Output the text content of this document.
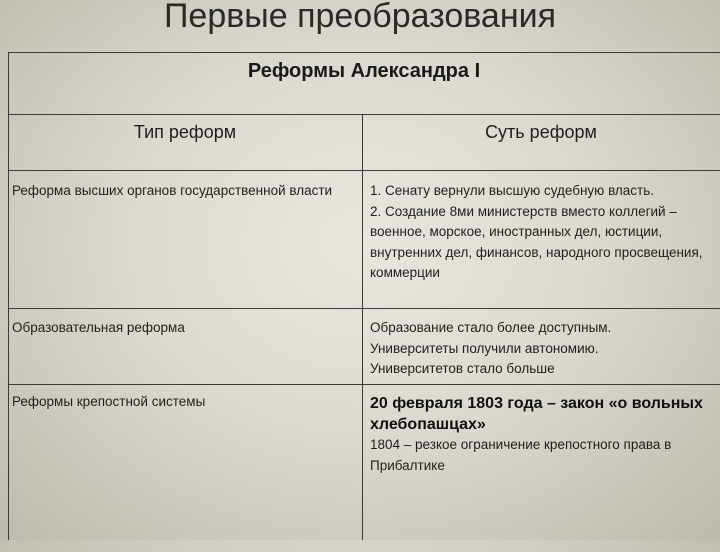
Первые преобразования
Реформы Александра I
Тип реформ	Суть реформ
Реформа высших органов государственной власти	1. Сенату вернули высшую судебную власть.

2. Создание 8ми министерств вместо коллегий – военное, морское, иностранных дел, юстиции, внутренних дел, финансов, народного просвещения, коммерции

Образовательная реформа	Образование стало более доступным.

Университеты получили автономию.

Университетов стало больше

Реформы крепостной системы	20 февраля 1803 года – закон «о вольных хлебопашцах»

1804 – резкое ограничение крепостного права в Прибалтике
